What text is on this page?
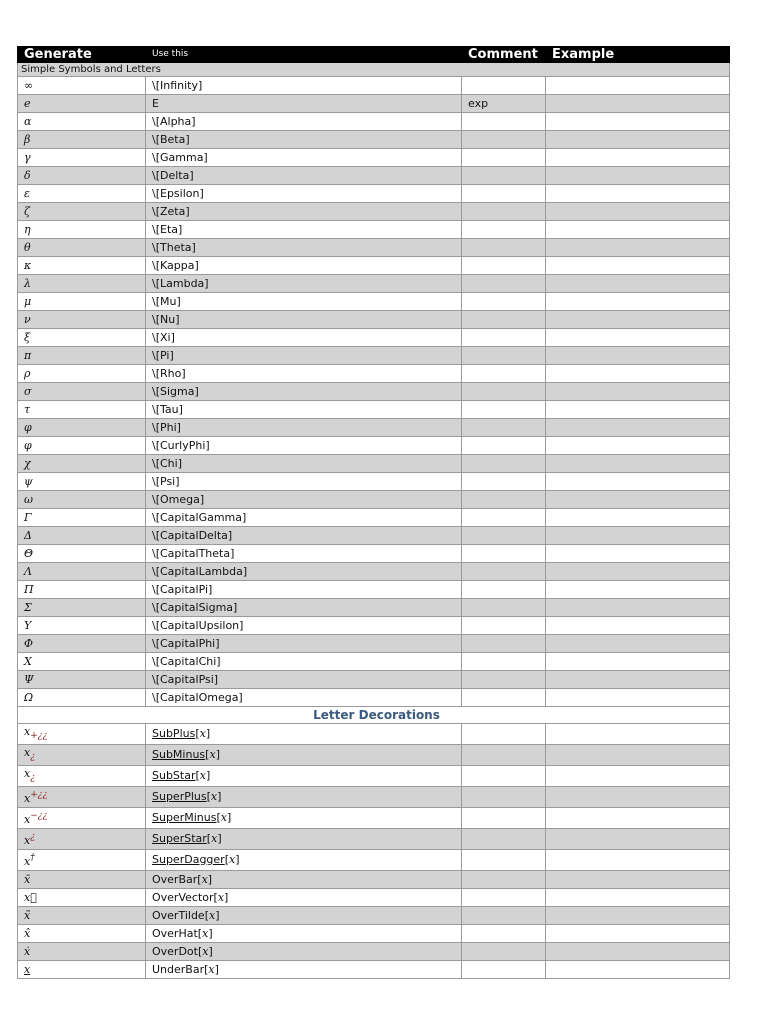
Generate	Use this	Comment	Example
Simple Symbols and Letters			
∞	\[Infinity]		
e	E	exp	
α	\[Alpha]		
β	\[Beta]		
γ	\[Gamma]		
δ	\[Delta]		
ε	\[Epsilon]		
ζ	\[Zeta]		
η	\[Eta]		
θ	\[Theta]		
κ	\[Kappa]		
λ	\[Lambda]		
μ	\[Mu]		
ν	\[Nu]		
ξ	\[Xi]		
π	\[Pi]		
ρ	\[Rho]		
σ	\[Sigma]		
τ	\[Tau]		
φ	\[Phi]		
φ	\[CurlyPhi]		
χ	\[Chi]		
ψ	\[Psi]		
ω	\[Omega]		
Γ	\[CapitalGamma]		
Δ	\[CapitalDelta]		
Θ	\[CapitalTheta]		
Λ	\[CapitalLambda]		
Π	\[CapitalPi]		
Σ	\[CapitalSigma]		
Υ	\[CapitalUpsilon]		
Φ	\[CapitalPhi]		
Χ	\[CapitalChi]		
Ψ	\[CapitalPsi]		
Ω	\[CapitalOmega]		
Letter Decorations			
$x_{+¿¿}$	SubPlus[x]		
$x_¿$	SubMinus[x]		
$x_¿$	SubStar[x]		
x+¿¿	SuperPlus[x]		
x−¿¿	SuperMinus[x]		
x¿	SuperStar[x]		
x†	SuperDagger[x]		
x̄	OverBar[x]		
x⃗	OverVector[x]		
x̃	OverTilde[x]		
x̂	OverHat[x]		
ẋ	OverDot[x]		
x	UnderBar[x]		
